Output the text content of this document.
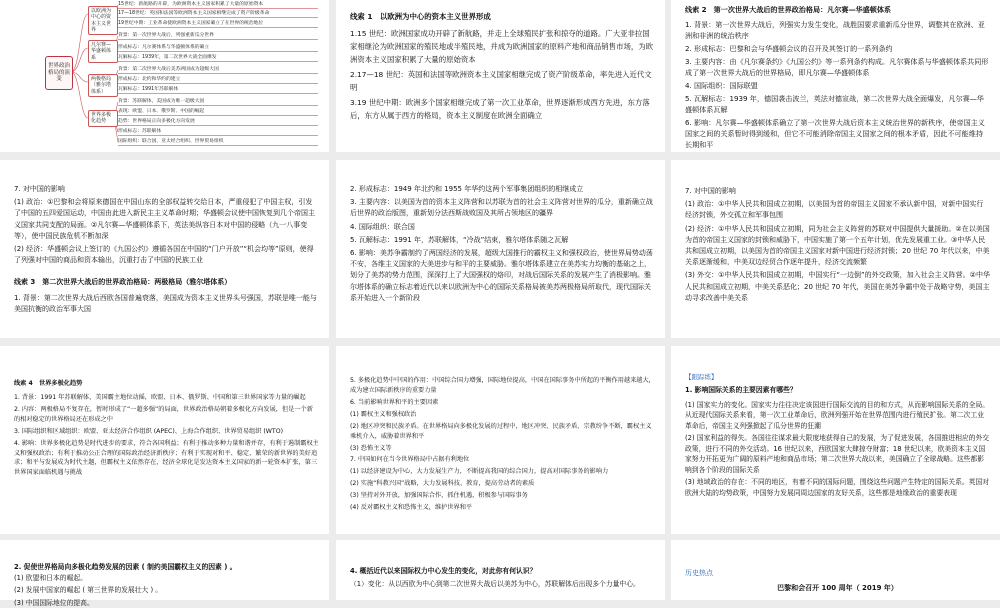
世界政治格局的演变
以欧洲为中心的资本主义世界
凡尔赛—华盛顿体系
两极格局（雅尔塔体系）
世界多极化趋势
15世纪：新航路的开辟，为欧洲资本主义国家积累了大量的原始资本
17—18世纪：英国和法国等欧洲资本主义国家相继完成了资产阶级革命
19世纪中期：工业革命使欧洲资本主义国家确立了在世界的统治地位
背景：第一次世界大战后，列强重新瓜分世界
形成标志：凡尔赛体系与华盛顿体系的确立
瓦解标志：1939年，第二次世界大战全面爆发
背景：第二次世界大战后美苏两国成为超级大国
形成标志：北约和华约的建立
瓦解标志：1991年苏联解体
背景：苏联解体，美国成为唯一超级大国
表现：欧盟、日本、俄罗斯、中国的崛起
趋势：世界格局正向多极化方向发展
形成标志：苏联解体
国际组织：联合国、亚太经合组织、世界贸易组织

线索 1　以欧洲为中心的资本主义世界形成

1.15 世纪：欧洲国家成功开辟了新航路，并走上全球殖民扩张和掠夺的道路。广大亚非拉国家相继沦为欧洲国家的殖民地或半殖民地，并成为欧洲国家的原料产地和商品销售市场，为欧洲资本主义国家积累了大量的原始资本

2.17—18 世纪：英国和法国等欧洲资本主义国家相继完成了资产阶级革命，率先进入近代文明

3.19 世纪中期：欧洲多个国家相继完成了第一次工业革命，世界逐渐形成西方先进，东方落后，东方从属于西方的格局，资本主义制度在欧洲全面确立

线索 2　第一次世界大战后的世界政治格局：凡尔赛—华盛顿体系

1. 背景：第一次世界大战后，列强实力发生变化，战胜国要求重新瓜分世界，调整其在欧洲、亚洲和非洲的统治秩序

2. 形成标志：巴黎和会与华盛顿会议的召开及其签订的一系列条约

3. 主要内容：由《凡尔赛条约》《九国公约》等一系列条约构成。凡尔赛体系与华盛顿体系共同形成了第一次世界大战后的世界格局，即凡尔赛—华盛顿体系

4. 国际组织：国际联盟

5. 瓦解标志：1939 年，德国袭击波兰，英法对德宣战，第二次世界大战全面爆发，凡尔赛—华盛顿体系瓦解

6. 影响：凡尔赛—华盛顿体系确立了第一次世界大战后资本主义统治世界的新秩序，使帝国主义国家之间的关系暂时得到缓和，但它不可能消除帝国主义国家之间的根本矛盾，因此不可能维持长期和平

7. 对中国的影响

(1) 政治：①巴黎和会将原来德国在中国山东的全部权益转交给日本，严重侵犯了中国主权，引发了中国的五四爱国运动，中国由此进入新民主主义革命时期；华盛顿会议使中国恢复到几个帝国主义国家共同支配的局面。②凡尔赛—华盛顿体系下，英法美纵容日本对中国的侵略（九一八事变等），使中国民族危机不断加深

(2) 经济：华盛顿会议上签订的《九国公约》遵循各国在中国的“门户开放”“机会均等”原则，使得了列强对中国的商品和资本输出，沉重打击了中国的民族工业

线索 3　第二次世界大战后的世界政治格局：两极格局（雅尔塔体系）

1. 背景：第二次世界大战后西欧各国普遍衰落，美国成为资本主义世界头号强国，苏联是唯一能与美国抗衡的政治军事大国

2. 形成标志：1949 年北约和 1955 年华约这两个军事集团组织的相继成立

3. 主要内容：以美国为首的资本主义阵营和以苏联为首的社会主义阵营对世界的瓜分，重新确立战后世界的政治版图，重新划分法西斯战败国及其所占领地区的疆界

4. 国际组织：联合国

5. 瓦解标志：1991 年，苏联解体，“冷战”结束，雅尔塔体系随之瓦解

6. 影响：美苏争霸制约了两国经济的发展，超级大国推行的霸权主义和强权政治，使世界局势动荡不安，各维主义国家的大美进步与和平的主要威胁。雅尔塔体系建立在美苏实力均衡的基础之上，划分了美苏的势力范围，深深打上了大国强权的烙印，对战后国际关系的发展产生了消极影响。雅尔塔体系的确立标志着近代以来以欧洲为中心的国际关系格局被美苏两极格局所取代，现代国际关系开始进入一个新阶段

7. 对中国的影响

(1) 政治：①中华人民共和国成立初期，以美国为首的帝国主义国家不承认新中国，对新中国实行经济封锁，外交孤立和军事包围

(2) 经济：①中华人民共和国成立初期，同为社会主义阵营的苏联对中国提供大量援助。②在以美国为首的帝国主义国家的封锁和威胁下，中国实施了第一个五年计划，优先发展重工业。③中华人民共和国成立初期，以美国为首的帝国主义国家对新中国进行经济封锁；20 世纪 70 年代以来，中美关系逐渐缓和，中美双边经贸合作逐年提升，经济交流频繁

(3) 外交：①中华人民共和国成立初期，中国实行“一边倒”的外交政策，加入社会主义阵营。②中华人民共和国成立初期，中美关系恶化；20 世纪 70 年代，美国在美苏争霸中处于战略守势，美国主动寻求改善中美关系

线索 4　世界多极化趋势

1. 背景：1991 年苏联解体，美国霸主地位动摇，欧盟、日本、俄罗斯、中国和第三世界国家等力量的崛起

2. 内容：两极格局不复存在，暂时形成了“一超多强”的局面，世界政治格局朝着多极化方向发展，但是一个新的相对稳定的世界格局还在形成之中

3. 国际组织和区域组织：欧盟、亚太经济合作组织 (APEC)、上海合作组织、世界贸易组织 (WTO)

4. 影响：世界多极化趋势是时代进步的要求，符合各国利益；有利于推动多种力量和谐并存，有利于遏制霸权主义和强权政治；有利于推动公正合理的国际政治经济新秩序；有利于实现对和平、稳定、繁荣的新世界的美好追求；和平与发展成为时代主题，但霸权主义依然存在，经济全球化是发达资本主义国家的新一轮资本扩张，第三世界国家面临机遇与挑战

5. 多极化趋势中中国的作用：中国综合国力增强，国际地位提高，中国在国际事务中所起的平衡作用越来越大，成为建立国际新秩序的重要力量

6. 当前影响世界和平的主要因素

(1) 霸权主义和强权政治

(2) 地区冲突和民族矛盾。在世界格局向多极化发展的过程中，地区冲突、民族矛盾、宗教纷争不断，霸权主义乘机介入，威胁着世界和平

(3) 恐怖主义等

7. 中国如何在当今世界格局中占据有利地位

(1) 以经济建设为中心，大力发展生产力，不断提高我国的综合国力，提高对国际事务的影响力

(2) 实施“科教兴国”战略，大力发展科技、教育，提高劳动者的素质

(3) 坚持对外开放，加强国际合作，抓住机遇，积极参与国际事务

(4) 反对霸权主义和恐怖主义，维护世界和平

【跟踪练】

1. 影响国际关系的主要因素有哪些？

(1) 国家实力的变化。国家实力往往决定该国进行国际交流的目的和方式，从而影响国际关系的全局。从近现代国际关系来看，第一次工业革命后，欧洲列强开始在世界范围内进行殖民扩张。第二次工业革命后，帝国主义列强掀起了瓜分世界的狂潮

(2) 国家利益的得失。各国往往谋求最大限度地获得自己的发展，为了促进发展，各国推进相应的外交政策，进行不同的外交活动。16 世纪以来，西欧国家大肆掠夺财富；18 世纪以来，欧美资本主义国家努力开拓更为广阔的原料产地和商品市场；第二次世界大战以来，美国确立了全球战略。这些都影响到各个阶段的国际关系

(3) 地域政治的存在：不同的地区，有着不同的国际问题，围绕这些问题产生特定的国际关系。英国对欧洲大陆的均势政策，中国努力发展同周边国家的友好关系，这些都是地缘政治的重要表现

2. 促使世界格局向多极化趋势发展的因素 ( 制约美国霸权主义的因素 ) 。

(1) 欧盟和日本的崛起。

(2) 发展中国家的崛起 ( 第三世界的发展壮大 ) 。

(3) 中国国际地位的提高。

4. 概括近代以来国际权力中心发生的变化，对此你有何认识？

（1）变化：从以西欧为中心到第二次世界大战后以美苏为中心，苏联解体后出现多个力量中心。

历史热点

巴黎和会召开 100 周年（ 2019 年）
